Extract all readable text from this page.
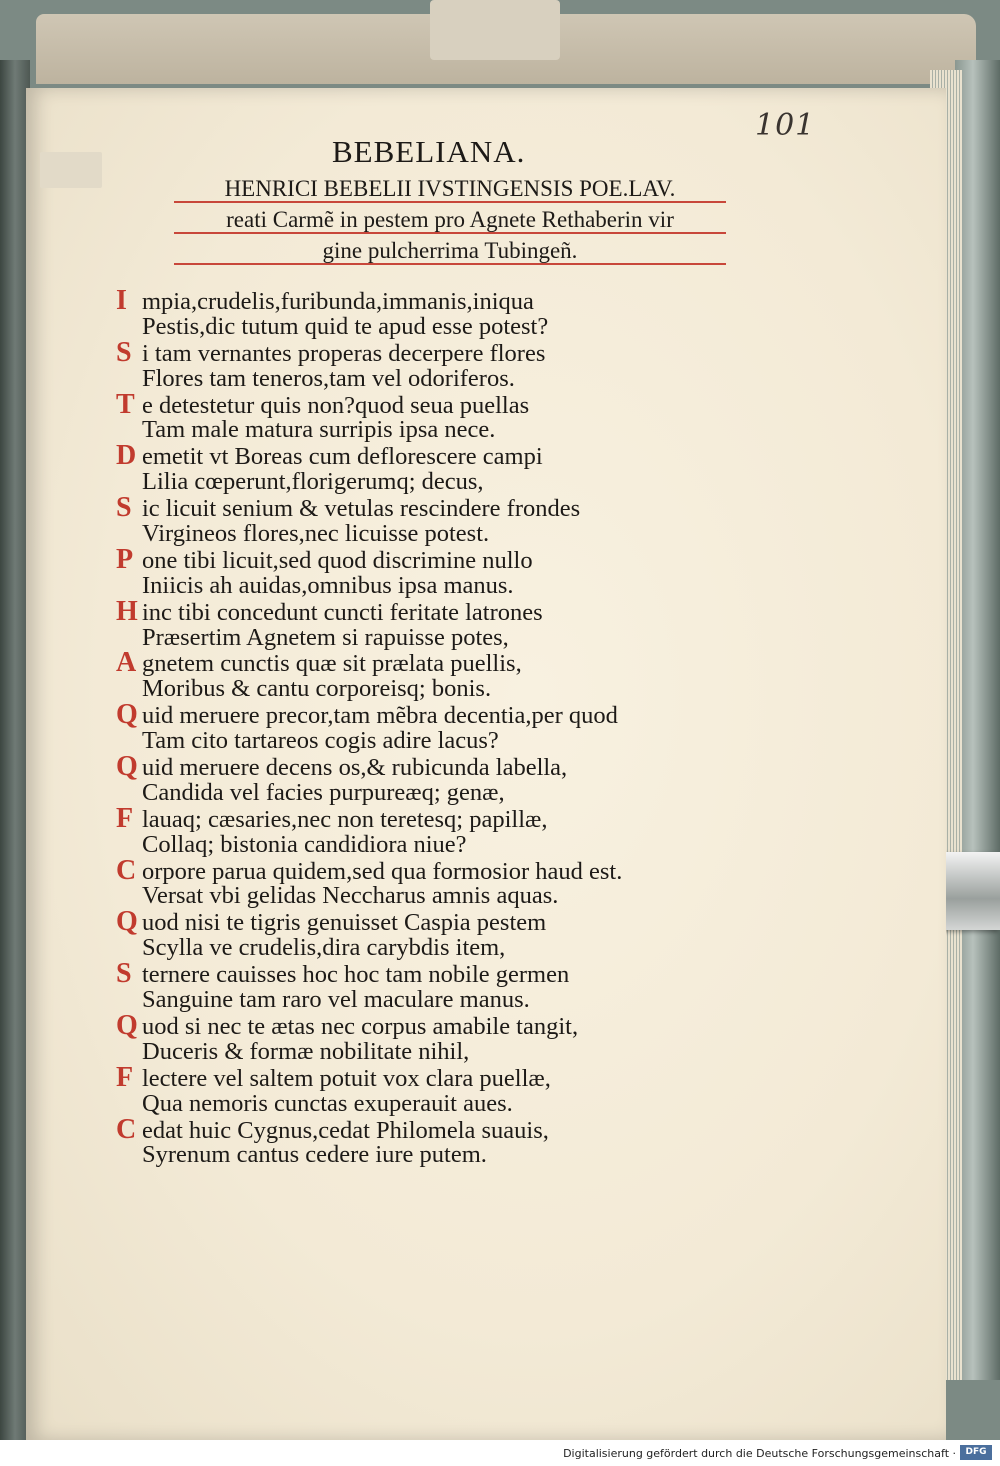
101
BEBELIANA.
HENRICI BEBELII IVSTINGENSIS POE.LAV.
reati Carmẽ in pestem pro Agnete Rethaberin vir
gine pulcherrima Tubingeñ.
I mpia,crudelis,furibunda,immanis,iniqua
Pestis,dic tutum quid te apud esse potest?
S i tam vernantes properas decerpere flores
Flores tam teneros,tam vel odoriferos.
T e detestetur quis non?quod seua puellas
Tam male matura surripis ipsa nece.
D emetit vt Boreas cum deflorescere campi
Lilia cœperunt,florigerumq; decus,
S ic licuit senium & vetulas rescindere frondes
Virgineos flores,nec licuisse potest.
P one tibi licuit,sed quod discrimine nullo
Iniicis ah auidas,omnibus ipsa manus.
H inc tibi concedunt cuncti feritate latrones
Præsertim Agnetem si rapuisse potes,
A gnetem cunctis quæ sit prælata puellis,
Moribus & cantu corporeisq; bonis.
Q uid meruere precor,tam mẽbra decentia,per quod
Tam cito tartareos cogis adire lacus?
Q uid meruere decens os,& rubicunda labella,
Candida vel facies purpureæq; genæ,
F lauaq; cæsaries,nec non teretesq; papillæ,
Collaq; bistonia candidiora niue?
C orpore parua quidem,sed qua formosior haud est.
Versat vbi gelidas Neccharus amnis aquas.
Q uod nisi te tigris genuisset Caspia pestem
Scylla ve crudelis,dira carybdis item,
S ternere cauisses hoc hoc tam nobile germen
Sanguine tam raro vel maculare manus.
Q uod si nec te ætas nec corpus amabile tangit,
Duceris & formæ nobilitate nihil,
F lectere vel saltem potuit vox clara puellæ,
Qua nemoris cunctas exuperauit aues.
C edat huic Cygnus,cedat Philomela suauis,
Syrenum cantus cedere iure putem.
Digitalisierung gefördert durch die Deutsche Forschungsgemeinschaft ·	DFG
